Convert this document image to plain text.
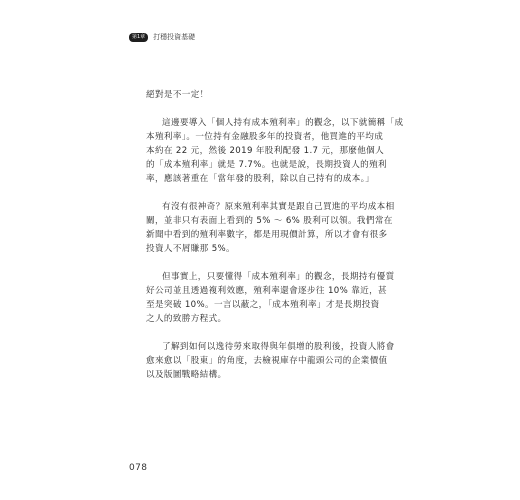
第1章	打穩投資基礎
絕對是不一定！
這邊要導入「個人持有成本殖利率」的觀念，以下就簡稱「成
本殖利率」。一位持有金融股多年的投資者，他買進的平均成
本約在 22 元，然後 2019 年股利配發 1.7 元，那麼他個人
的「成本殖利率」就是 7.7%。也就是說，長期投資人的殖利
率，應該著重在「當年發的股利，除以自己持有的成本。」
有沒有很神奇？原來殖利率其實是跟自己買進的平均成本相
關，並非只有表面上看到的 5% ～ 6% 股利可以領。我們常在
新聞中看到的殖利率數字，都是用現價計算，所以才會有很多
投資人不屑賺那 5%。
但事實上，只要懂得「成本殖利率」的觀念，長期持有優質
好公司並且透過複利效應，殖利率還會逐步往 10% 靠近，甚
至是突破 10%。一言以蔽之，「成本殖利率」才是長期投資
之人的致勝方程式。
了解到如何以逸待勞來取得與年俱增的股利後，投資人將會
愈來愈以「股東」的角度，去檢視庫存中龍頭公司的企業價值
以及版圖戰略結構。
078
